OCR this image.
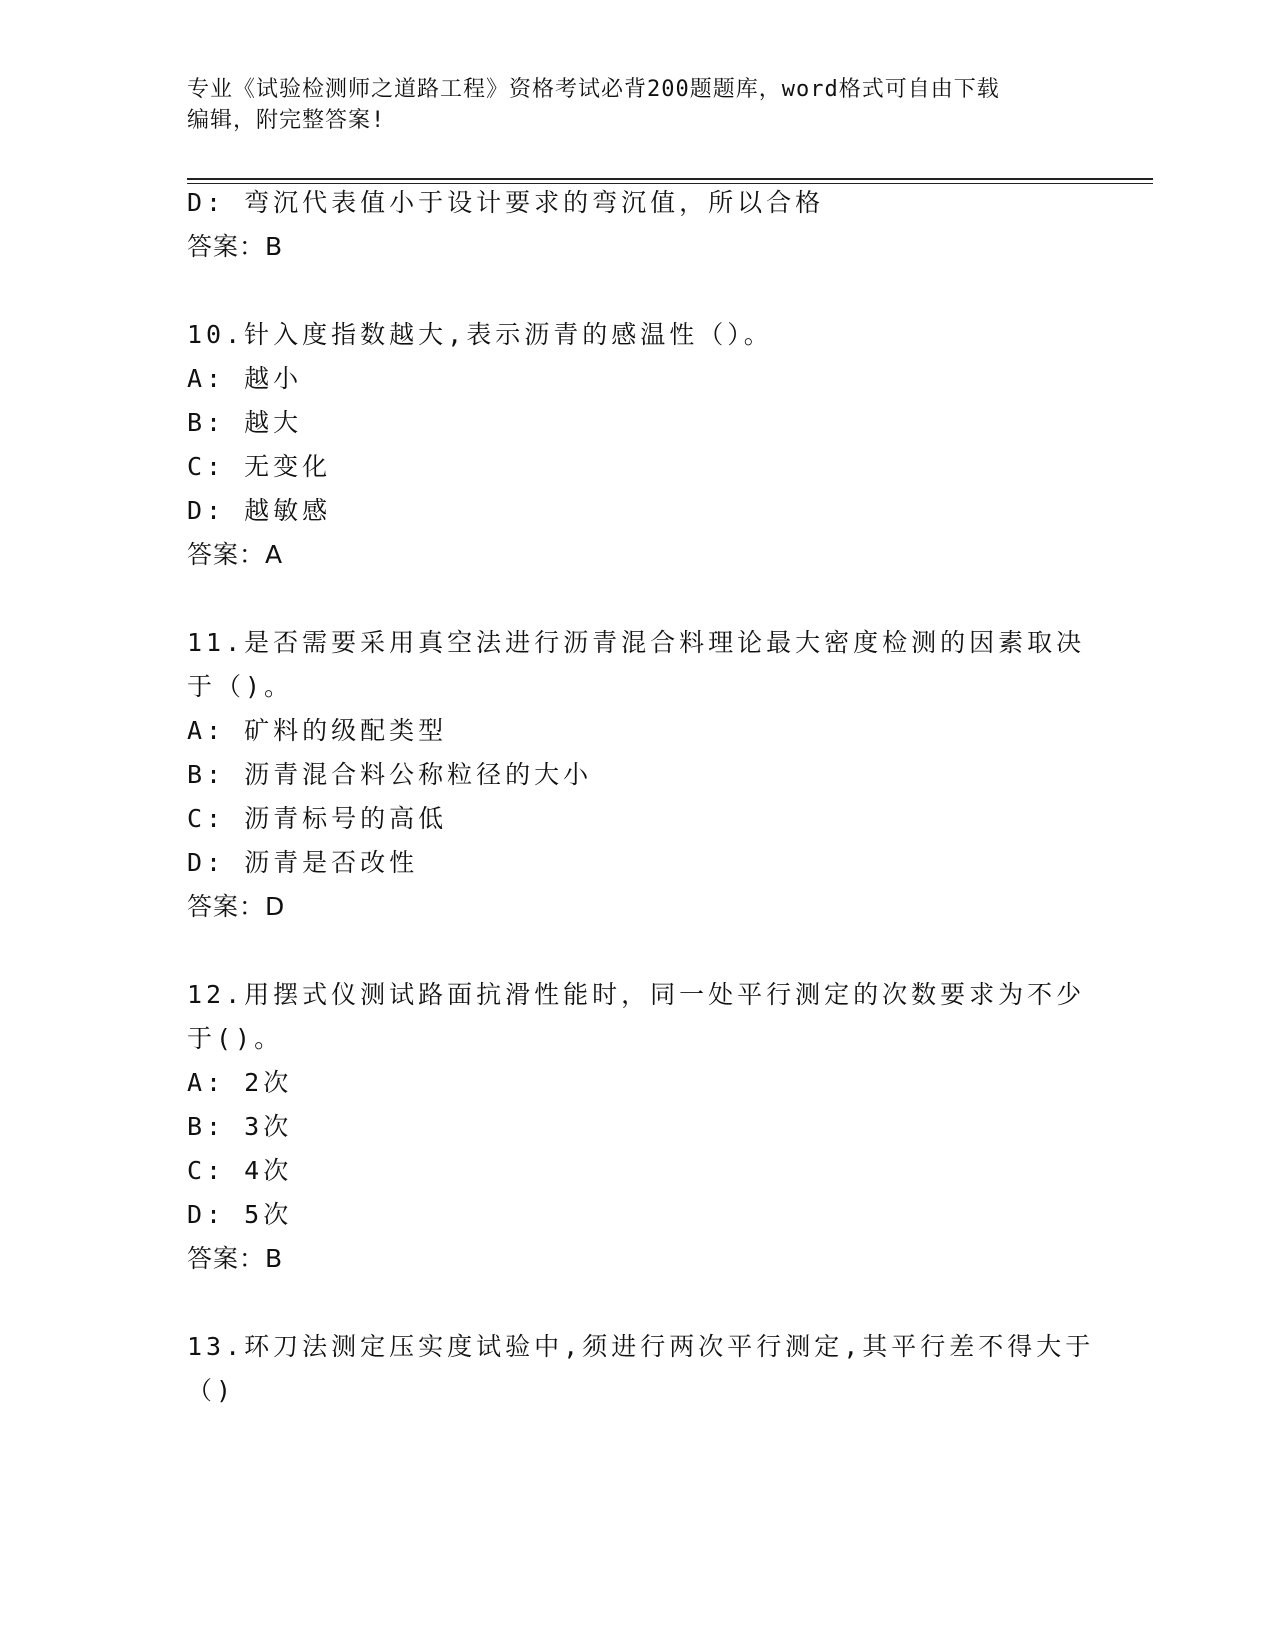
专业《试验检测师之道路工程》资格考试必背200题题库，word格式可自由下载
编辑，附完整答案!
D: 弯沉代表值小于设计要求的弯沉值，所以合格
答案：B
10.针入度指数越大,表示沥青的感温性（）。
A: 越小
B: 越大
C: 无变化
D: 越敏感
答案：A
11.是否需要采用真空法进行沥青混合料理论最大密度检测的因素取决
于（)。
A: 矿料的级配类型
B: 沥青混合料公称粒径的大小
C: 沥青标号的高低
D: 沥青是否改性
答案：D
12.用摆式仪测试路面抗滑性能时，同一处平行测定的次数要求为不少
于()。
A: 2次
B: 3次
C: 4次
D: 5次
答案：B
13.环刀法测定压实度试验中,须进行两次平行测定,其平行差不得大于
（)
